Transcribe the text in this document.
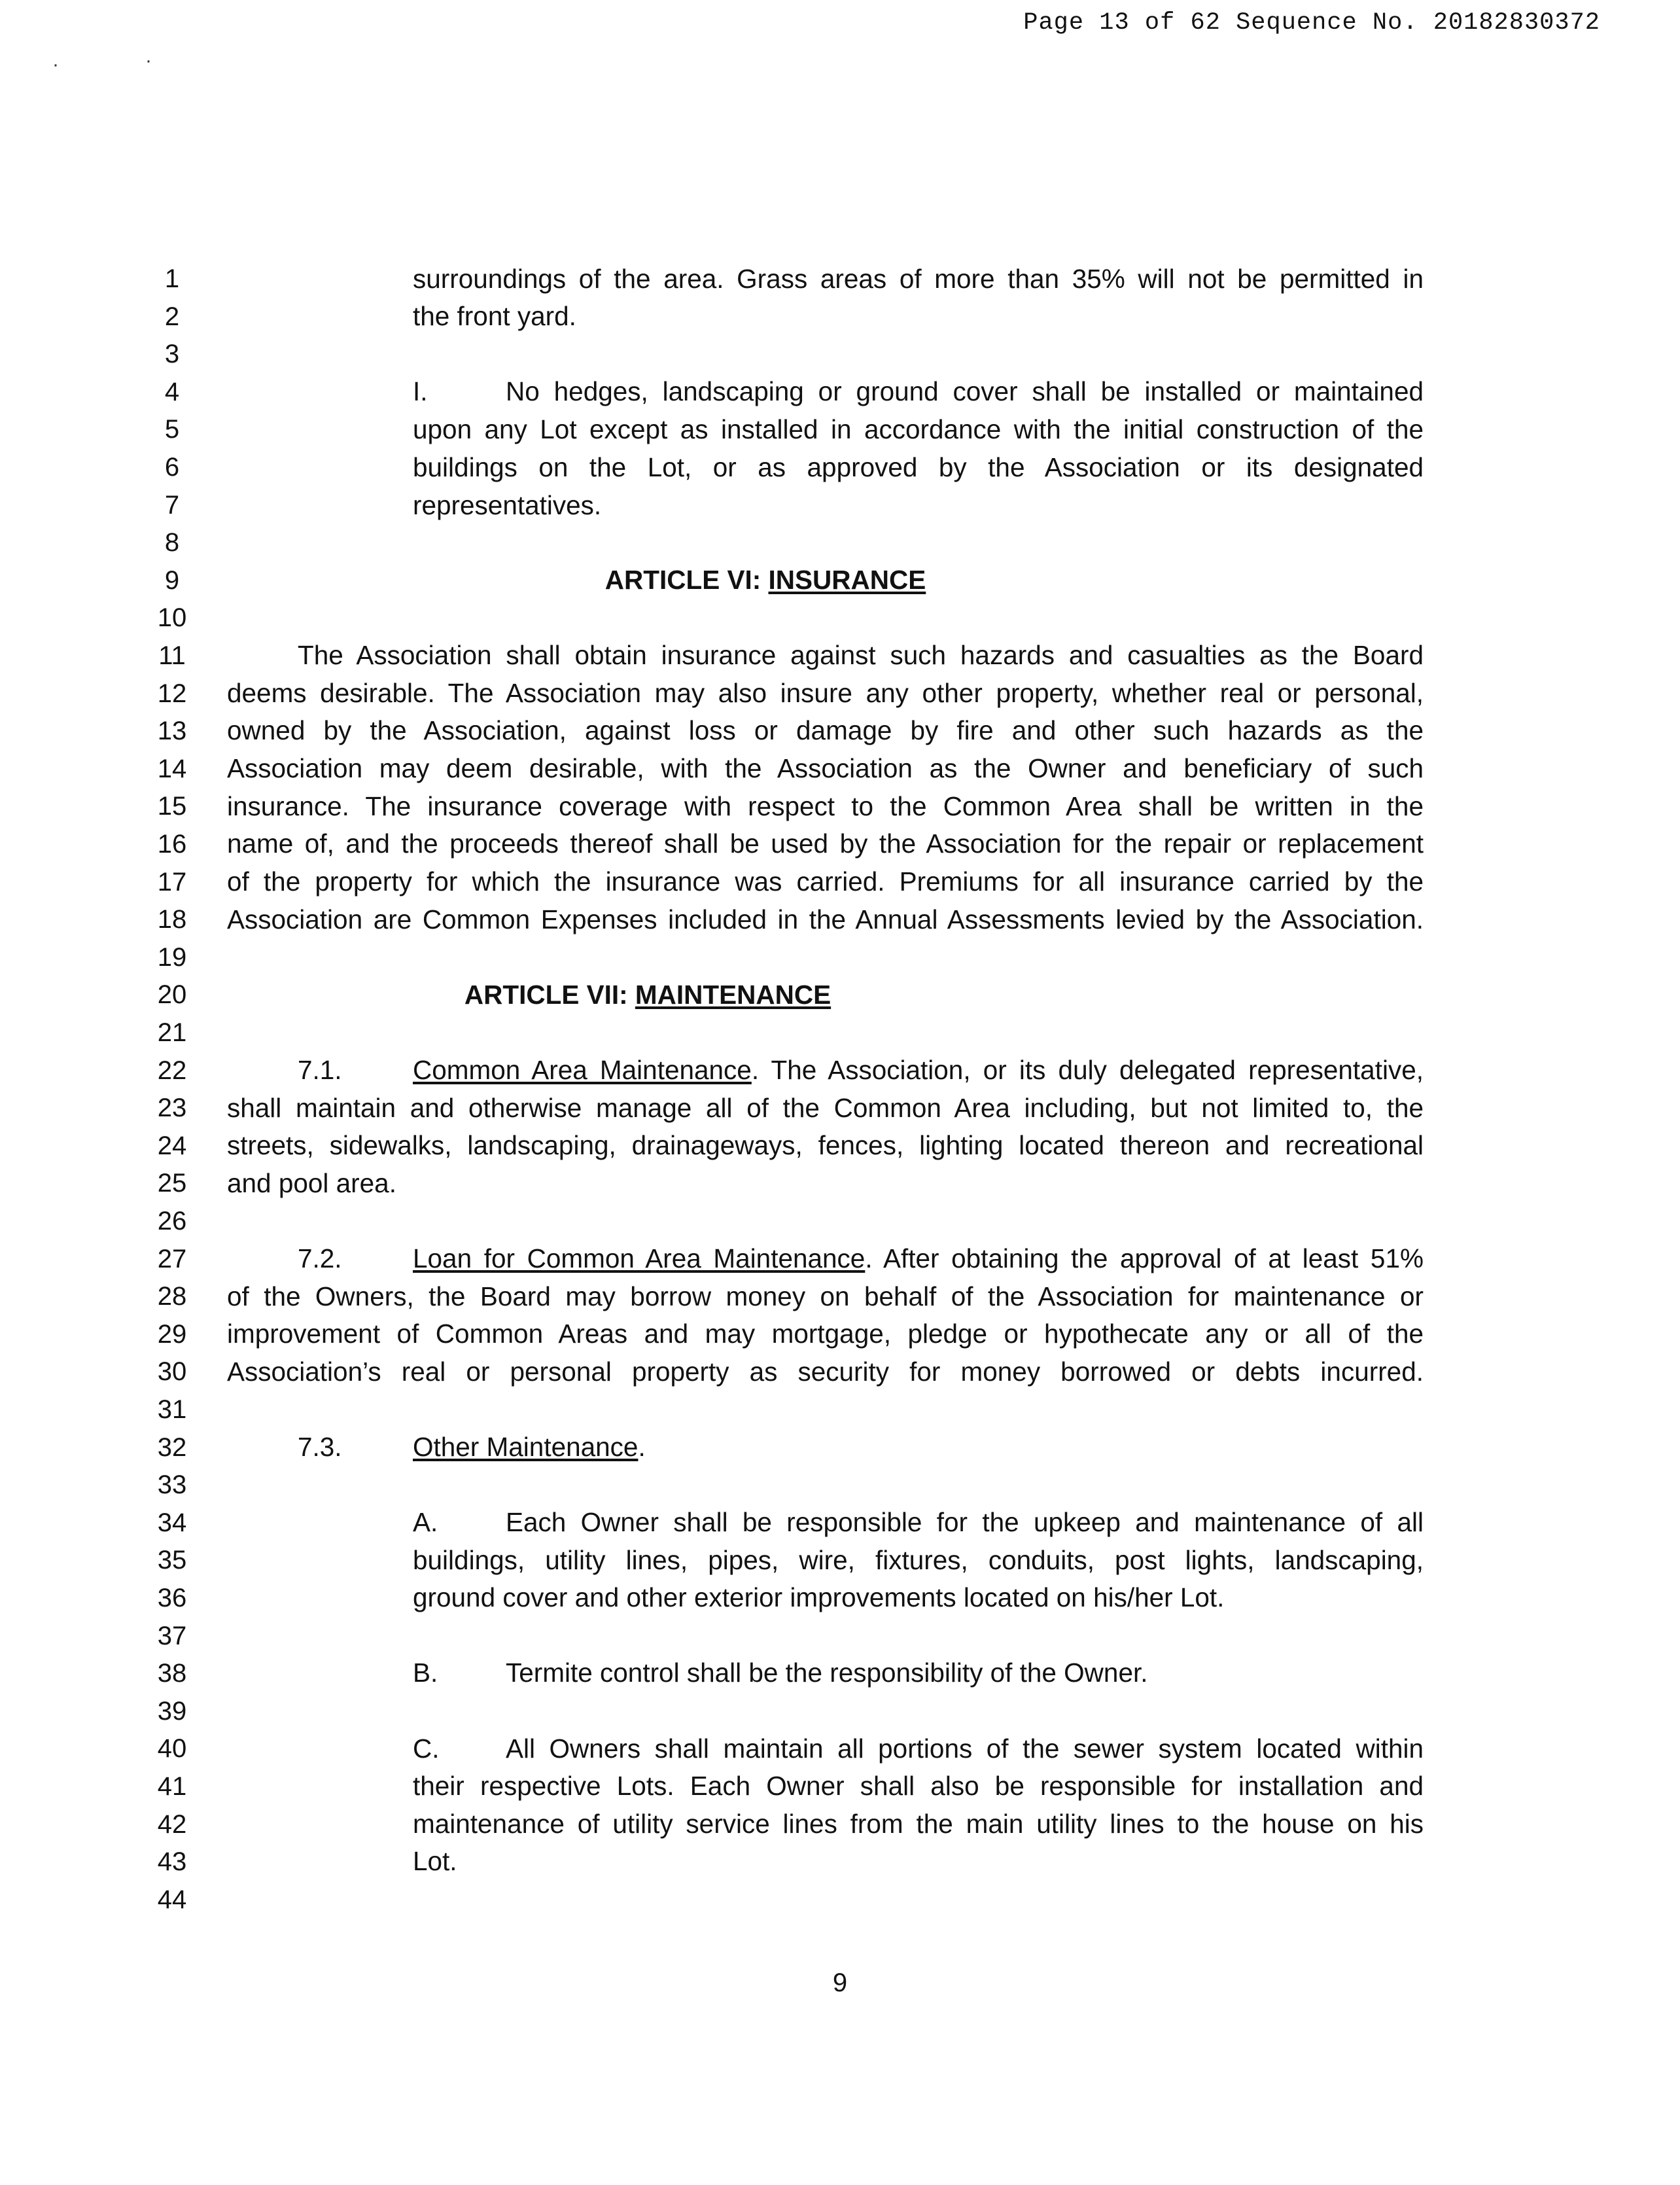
Page 13 of 62 Sequence No. 20182830372
·	·
1
2
3
4
5
6
7
8
9
10
11
12
13
14
15
16
17
18
19
20
21
22
23
24
25
26
27
28
29
30
31
32
33
34
35
36
37
38
39
40
41
42
43
44
surroundings of the area. Grass areas of more than 35% will not be permitted in
the front yard.
I.	No hedges, landscaping or ground cover shall be installed or maintained
upon any Lot except as installed in accordance with the initial construction of the
buildings on the Lot, or as approved by the Association or its designated
representatives.
ARTICLE VI: INSURANCE
The Association shall obtain insurance against such hazards and casualties as the Board
deems desirable. The Association may also insure any other property, whether real or personal,
owned by the Association, against loss or damage by fire and other such hazards as the
Association may deem desirable, with the Association as the Owner and beneficiary of such
insurance. The insurance coverage with respect to the Common Area shall be written in the
name of, and the proceeds thereof shall be used by the Association for the repair or replacement
of the property for which the insurance was carried. Premiums for all insurance carried by the
Association are Common Expenses included in the Annual Assessments levied by the Association.
ARTICLE VII: MAINTENANCE
7.1.	Common Area Maintenance. The Association, or its duly delegated representative,
shall maintain and otherwise manage all of the Common Area including, but not limited to, the
streets, sidewalks, landscaping, drainageways, fences, lighting located thereon and recreational
and pool area.
7.2.	Loan for Common Area Maintenance. After obtaining the approval of at least 51%
of the Owners, the Board may borrow money on behalf of the Association for maintenance or
improvement of Common Areas and may mortgage, pledge or hypothecate any or all of the
Association’s real or personal property as security for money borrowed or debts incurred.
7.3.	Other Maintenance.
A.	Each Owner shall be responsible for the upkeep and maintenance of all
buildings, utility lines, pipes, wire, fixtures, conduits, post lights, landscaping,
ground cover and other exterior improvements located on his/her Lot.
B.	Termite control shall be the responsibility of the Owner.
C.	All Owners shall maintain all portions of the sewer system located within
their respective Lots. Each Owner shall also be responsible for installation and
maintenance of utility service lines from the main utility lines to the house on his
Lot.
9
